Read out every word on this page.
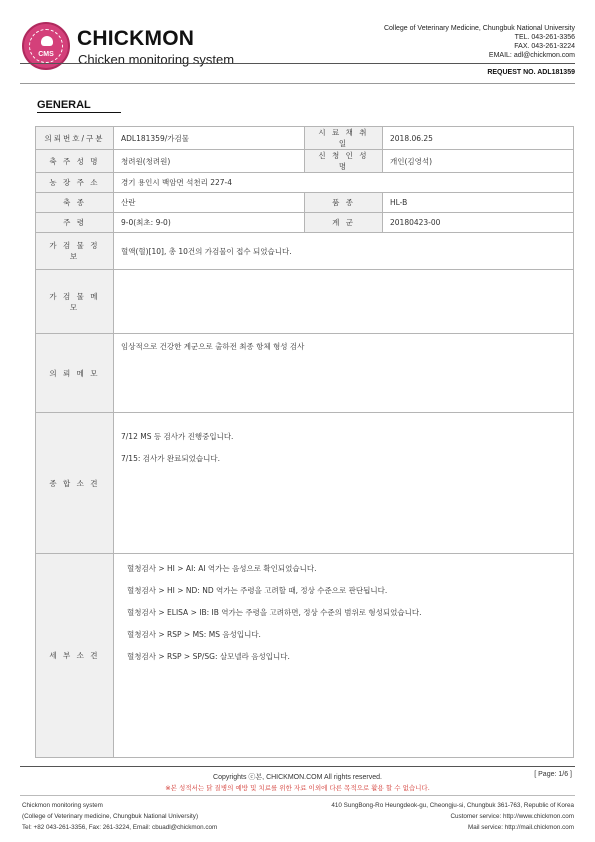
CMS
CHICKMON
Chicken monitoring system
College of Veterinary Medicine, Chungbuk National University
TEL. 043-261-3356
FAX. 043-261-3224
EMAIL: adl@chickmon.com
REQUEST NO. ADL181359
GENERAL
의뢰번호/구분	ADL181359/가검물	시 료 채 취 일	2018.06.25
축 주 성 명	청려원(청려원)	신 청 인 성 명	개인(김영석)
농 장 주 소	경기 용인시 백암면 석천리 227-4		
축 종	산란	품 종	HL-B
주 령	9-0(최초: 9-0)	계 군	20180423-00
가 검 물 정 보	혈액(혈)[10], 총 10건의 가검물이 접수 되었습니다.		
가 검 물 메 모			
의 뢰 메 모	임상적으로 건강한 계군으로 출하전 최종 항체 형성 검사		

종 합 소 견	7/12 MS 등 검사가 진행중입니다.

7/15: 검사가 완료되었습니다.		

세 부 소 견	혈청검사 > HI > AI: AI 역가는 음성으로 확인되었습니다.
혈청검사 > HI > ND: ND 역가는 주령을 고려할 때, 정상 수준으로 판단됩니다.
혈청검사 > ELISA > IB: IB 역가는 주령을 고려하면, 정상 수준의 범위로 형성되었습니다.
혈청검사 > RSP > MS: MS 음성입니다.
혈청검사 > RSP > SP/SG: 살모넬라 음성입니다.		
Copyrights ⓒ본, CHICKMON.COM All rights reserved.	[ Page: 1/6 ]
※본 성적서는 닭 질병의 예방 및 치료를 위한 자료 이외에 다른 목적으로 활용 할 수 없습니다.
Chickmon monitoring system
(College of Veterinary medicine, Chungbuk National University)
Tel: +82 043-261-3356, Fax: 261-3224, Email: cbuadl@chickmon.com
410 SungBong-Ro Heungdeok-gu, Cheongju-si, Chungbuk 361-763, Republic of Korea
Customer service: http://www.chickmon.com
Mail service: http://mail.chickmon.com
